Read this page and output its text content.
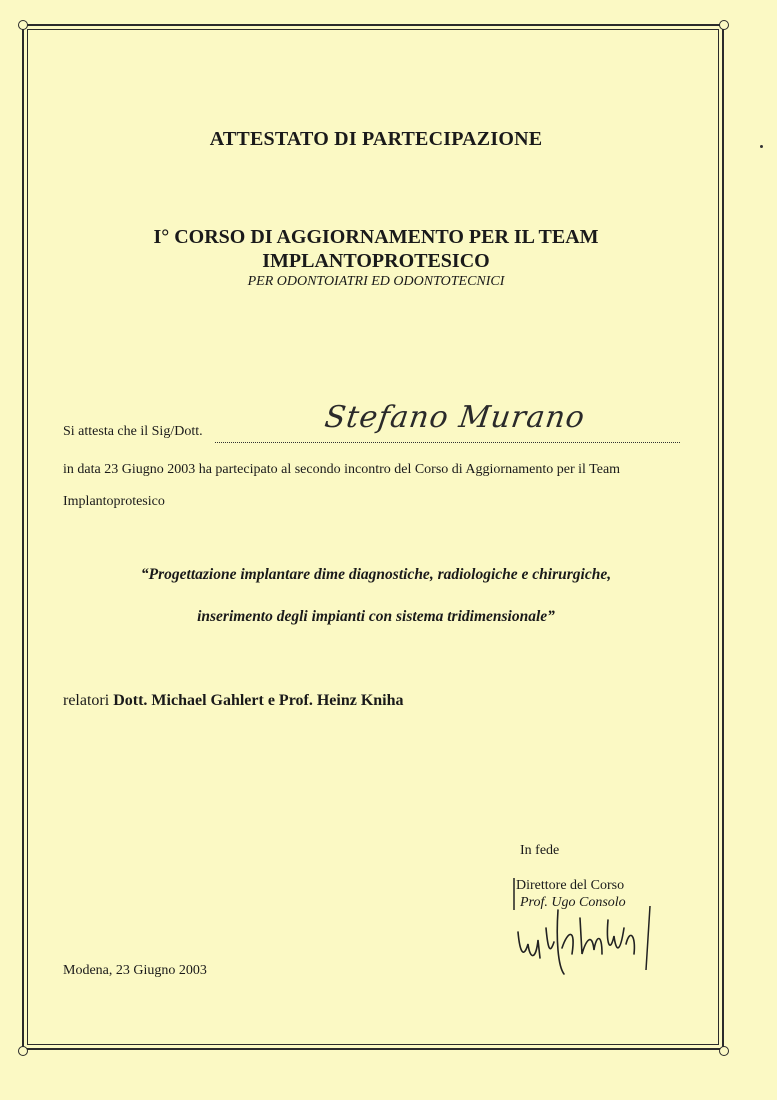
ATTESTATO DI PARTECIPAZIONE
I° CORSO DI AGGIORNAMENTO PER IL TEAM
IMPLANTOPROTESICO
PER ODONTOIATRI ED ODONTOTECNICI
Si attesta che il Sig/Dott.	Stefano Murano
in data 23 Giugno 2003 ha partecipato al secondo incontro del Corso di Aggiornamento per il Team
Implantoprotesico
“Progettazione implantare dime diagnostiche, radiologiche e chirurgiche,
inserimento degli impianti con sistema tridimensionale”
relatori Dott. Michael Gahlert e Prof. Heinz Kniha
In fede
Direttore del Corso
Prof. Ugo Consolo
Modena, 23 Giugno 2003
